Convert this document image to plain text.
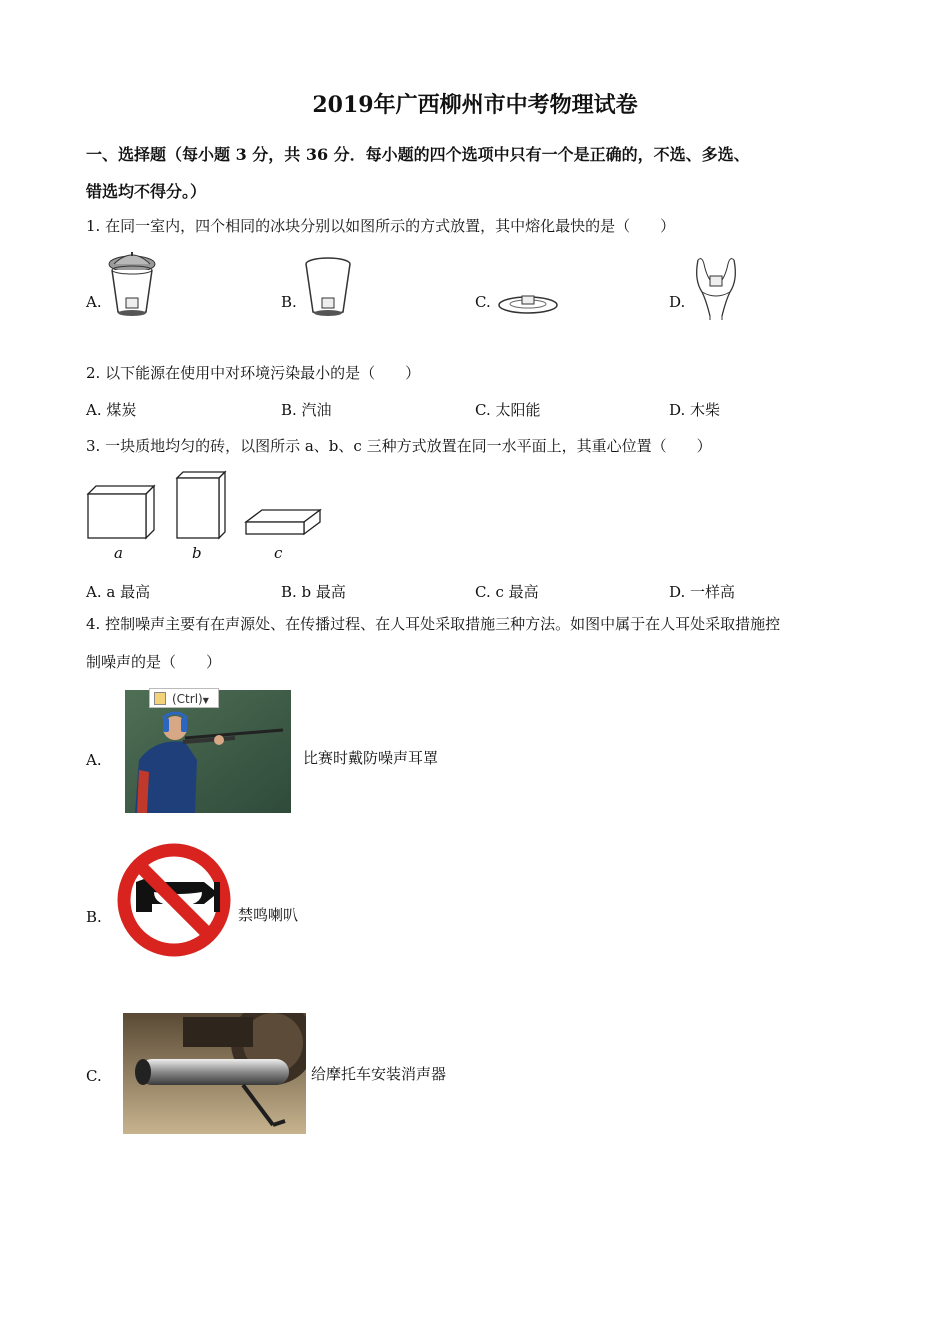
2019年广西柳州市中考物理试卷
一、选择题（每小题 3 分，共 36 分．每小题的四个选项中只有一个是正确的，不选、多选、
错选均不得分。）
1. 在同一室内，四个相同的冰块分别以如图所示的方式放置，其中熔化最快的是（　　）
A.	B.	C.	D.
2. 以下能源在使用中对环境污染最小的是（　　）
A. 煤炭	B. 汽油	C. 太阳能	D. 木柴
3. 一块质地均匀的砖，以图所示 a、b、c 三种方式放置在同一水平面上，其重心位置（　　）
a	b	c
A. a 最高	B. b 最高	C. c 最高	D. 一样高
4. 控制噪声主要有在声源处、在传播过程、在人耳处采取措施三种方法。如图中属于在人耳处采取措施控
制噪声的是（　　）
A.
(Ctrl)▼
比赛时戴防噪声耳罩
B.	禁鸣喇叭
C.	给摩托车安装消声器
